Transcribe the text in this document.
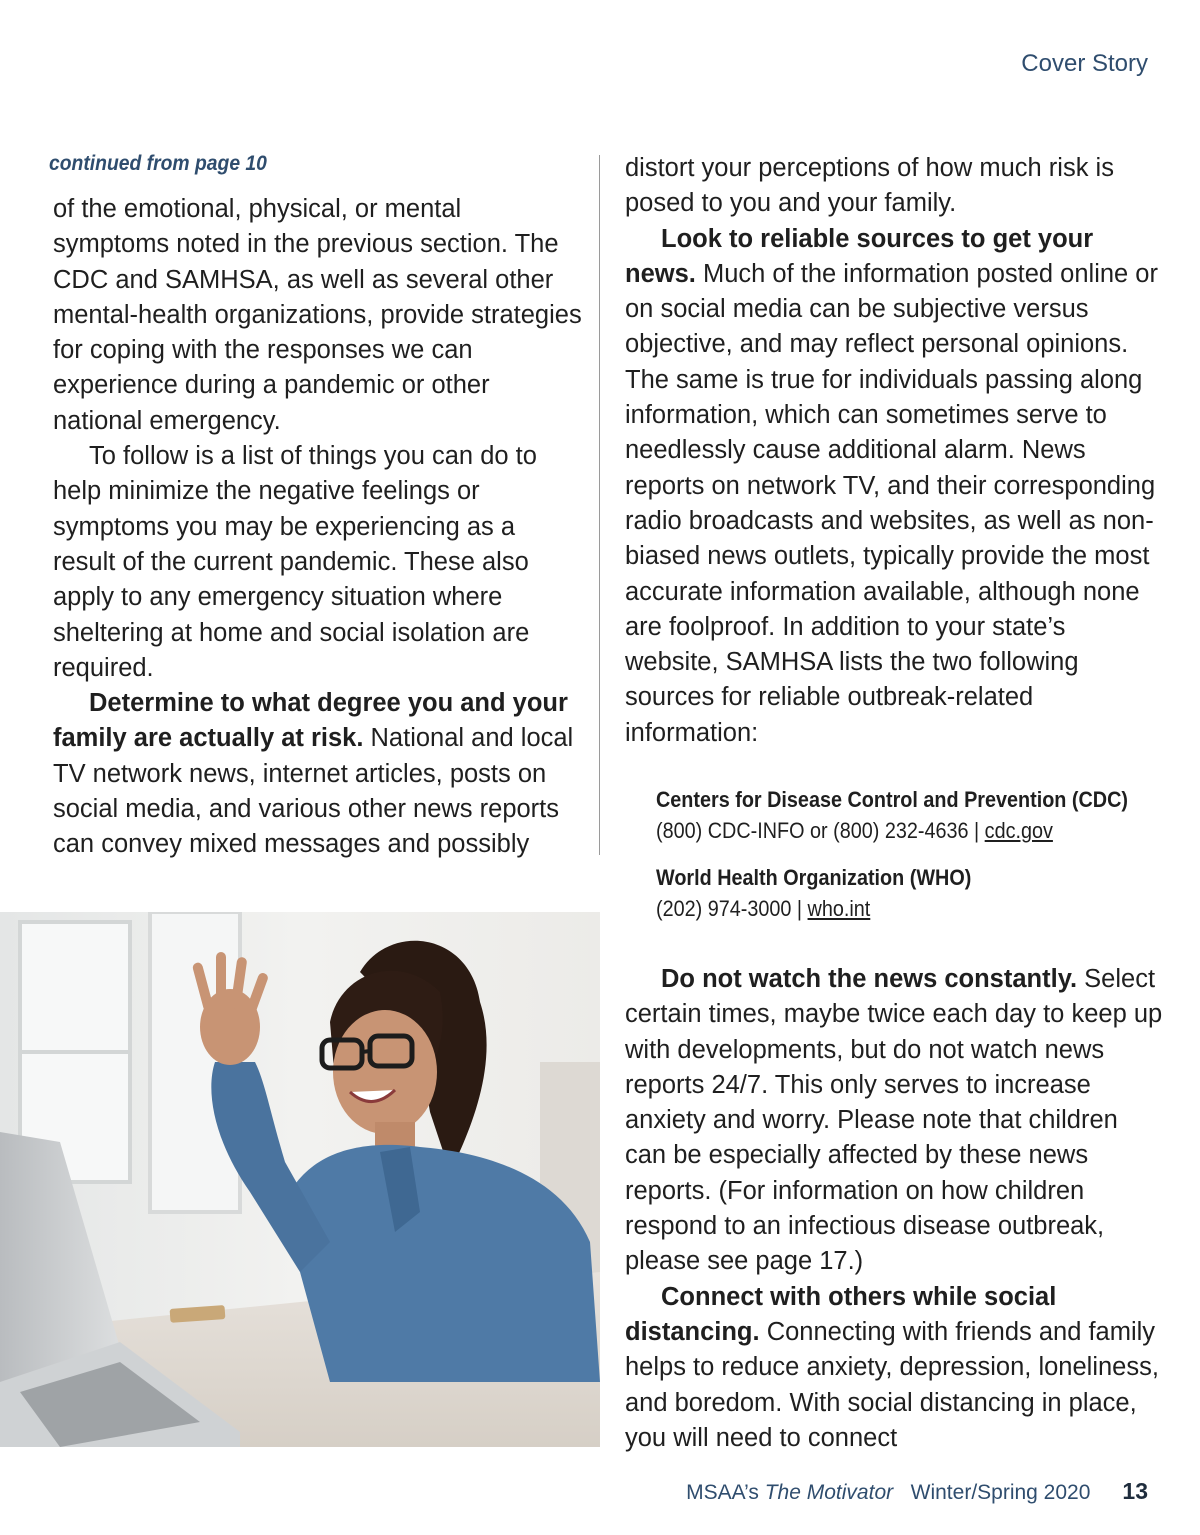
Cover Story
continued from page 10

of the emotional, physical, or mental symptoms noted in the previous section. The CDC and SAMHSA, as well as several other mental-health organizations, provide strategies for coping with the responses we can experience during a pandemic or other national emergency.

To follow is a list of things you can do to help minimize the negative feelings or symptoms you may be experiencing as a result of the current pandemic. These also apply to any emergency situation where sheltering at home and social isolation are required.

Determine to what degree you and your family are actually at risk. National and local TV network news, internet articles, posts on social media, and various other news reports can convey mixed messages and possibly

distort your perceptions of how much risk is posed to you and your family.

Look to reliable sources to get your news. Much of the information posted online or on social media can be subjective versus objective, and may reflect personal opinions. The same is true for individuals passing along information, which can sometimes serve to needlessly cause additional alarm. News reports on network TV, and their corresponding radio broadcasts and websites, as well as non-biased news outlets, typically provide the most accurate information available, although none are foolproof. In addition to your state’s website, SAMHSA lists the two following sources for reliable outbreak-related information:

Centers for Disease Control and Prevention (CDC)
(800) CDC-INFO or (800) 232-4636 | cdc.gov
World Health Organization (WHO)
(202) 974-3000 | who.int

Do not watch the news constantly. Select certain times, maybe twice each day to keep up with developments, but do not watch news reports 24/7. This only serves to increase anxiety and worry. Please note that children can be especially affected by these news reports. (For information on how children respond to an infectious disease outbreak, please see page 17.)

Connect with others while social distancing. Connecting with friends and family helps to reduce anxiety, depression, loneliness, and boredom. With social distancing in place, you will need to connect

MSAA’s The Motivator Winter/Spring 2020 13
